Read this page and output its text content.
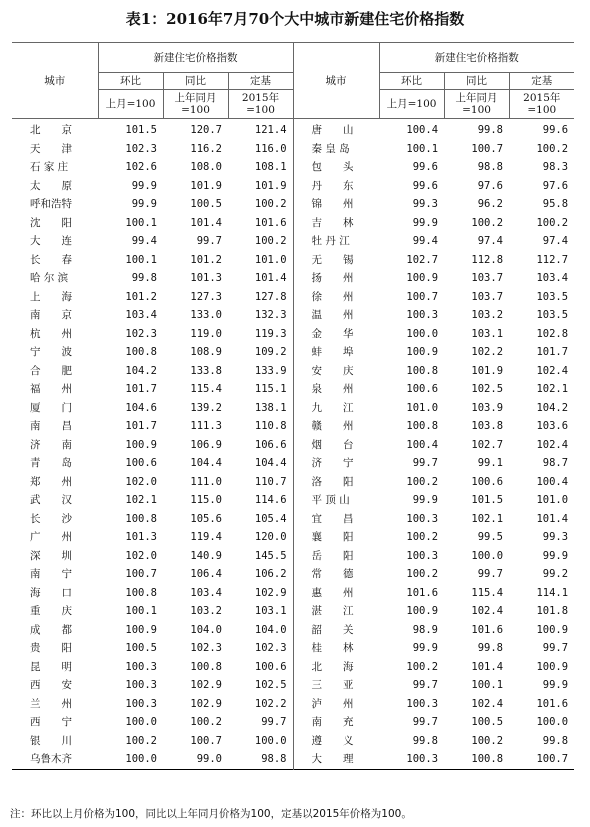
表1：2016年7月70个大中城市新建住宅价格指数
城市	新建住宅价格指数			城市	新建住宅价格指数		
	环比	同比	定基		环比	同比	定基
	上月=100	上年同月=100	2015年=100		上月=100	上年同月=100	2015年=100
北　　京	101.5	120.7	121.4	唐　　山	100.4	99.8	99.6
天　　津	102.3	116.2	116.0	秦 皇 岛	100.1	100.7	100.2
石 家 庄	102.6	108.0	108.1	包　　头	99.6	98.8	98.3
太　　原	99.9	101.9	101.9	丹　　东	99.6	97.6	97.6
呼和浩特	99.9	100.5	100.2	锦　　州	99.3	96.2	95.8
沈　　阳	100.1	101.4	101.6	吉　　林	99.9	100.2	100.2
大　　连	99.4	99.7	100.2	牡 丹 江	99.4	97.4	97.4
长　　春	100.1	101.2	101.0	无　　锡	102.7	112.8	112.7
哈 尔 滨	99.8	101.3	101.4	扬　　州	100.9	103.7	103.4
上　　海	101.2	127.3	127.8	徐　　州	100.7	103.7	103.5
南　　京	103.4	133.0	132.3	温　　州	100.3	103.2	103.5
杭　　州	102.3	119.0	119.3	金　　华	100.0	103.1	102.8
宁　　波	100.8	108.9	109.2	蚌　　埠	100.9	102.2	101.7
合　　肥	104.2	133.8	133.9	安　　庆	100.8	101.9	102.4
福　　州	101.7	115.4	115.1	泉　　州	100.6	102.5	102.1
厦　　门	104.6	139.2	138.1	九　　江	101.0	103.9	104.2
南　　昌	101.7	111.3	110.8	赣　　州	100.8	103.8	103.6
济　　南	100.9	106.9	106.6	烟　　台	100.4	102.7	102.4
青　　岛	100.6	104.4	104.4	济　　宁	99.7	99.1	98.7
郑　　州	102.0	111.0	110.7	洛　　阳	100.2	100.6	100.4
武　　汉	102.1	115.0	114.6	平 顶 山	99.9	101.5	101.0
长　　沙	100.8	105.6	105.4	宜　　昌	100.3	102.1	101.4
广　　州	101.3	119.4	120.0	襄　　阳	100.2	99.5	99.3
深　　圳	102.0	140.9	145.5	岳　　阳	100.3	100.0	99.9
南　　宁	100.7	106.4	106.2	常　　德	100.2	99.7	99.2
海　　口	100.8	103.4	102.9	惠　　州	101.6	115.4	114.1
重　　庆	100.1	103.2	103.1	湛　　江	100.9	102.4	101.8
成　　都	100.9	104.0	104.0	韶　　关	98.9	101.6	100.9
贵　　阳	100.5	102.3	102.3	桂　　林	99.9	99.8	99.7
昆　　明	100.3	100.8	100.6	北　　海	100.2	101.4	100.9
西　　安	100.3	102.9	102.5	三　　亚	99.7	100.1	99.9
兰　　州	100.3	102.9	102.2	泸　　州	100.3	102.4	101.6
西　　宁	100.0	100.2	99.7	南　　充	99.7	100.5	100.0
银　　川	100.2	100.7	100.0	遵　　义	99.8	100.2	99.8
乌鲁木齐	100.0	99.0	98.8	大　　理	100.3	100.8	100.7
注：环比以上月价格为100，同比以上年同月价格为100，定基以2015年价格为100。
